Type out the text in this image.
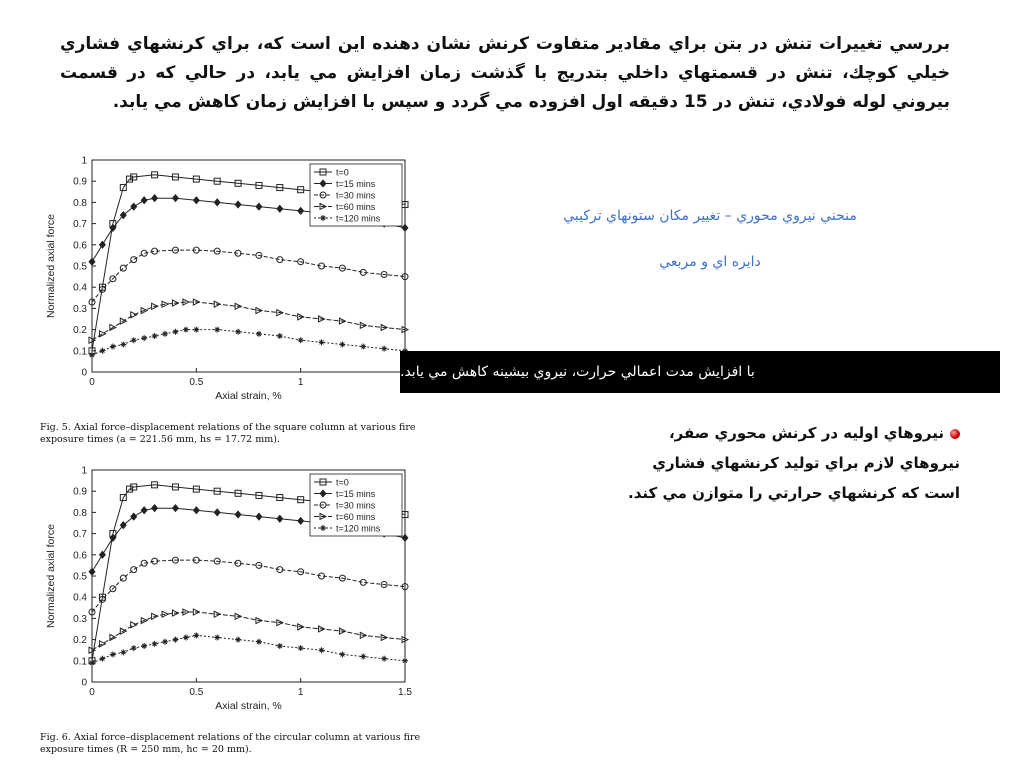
بررسي تغييرات تنش در بتن براي مقادير متفاوت كرنش نشان دهنده اين است كه، براي كرنشهاي فشاري خيلي كوچك، تنش در قسمتهاي داخلي بتدريج با گذشت زمان افزايش مي يابد، در حالي كه در قسمت بيروني لوله فولادي، تنش در 15 دقيقه اول افزوده مي گردد و سپس با افزايش زمان كاهش مي يابد.
0
0.1
0.2
0.3
0.4
0.5
0.6
0.7
0.8
0.9
1
0	0.5	1
Axial strain, %
Normalized axial force
t=0
t=15 mins
t=30 mins
t=60 mins
t=120 mins
Fig. 5. Axial force–displacement relations of the square column at various fire exposure times (a = 221.56 mm, hs = 17.72 mm).
0
0.1
0.2
0.3
0.4
0.5
0.6
0.7
0.8
0.9
1
0	0.5	1	1.5
Axial strain, %
Normalized axial force
t=0
t=15 mins
t=30 mins
t=60 mins
t=120 mins
Fig. 6. Axial force–displacement relations of the circular column at various fire exposure times (R = 250 mm, hc = 20 mm).
منحني نيروي محوري – تغيير مكان ستونهاي تركيبي
دايره اي و مربعي
با افزايش مدت اعمالي حرارت، نيروي بيشينه كاهش مي يابد.
نيروهاي اوليه در كرنش محوري صفر،
نيروهاي لازم براي توليد كرنشهاي فشاري
است كه كرنشهاي حرارتي را متوازن مي كند.
